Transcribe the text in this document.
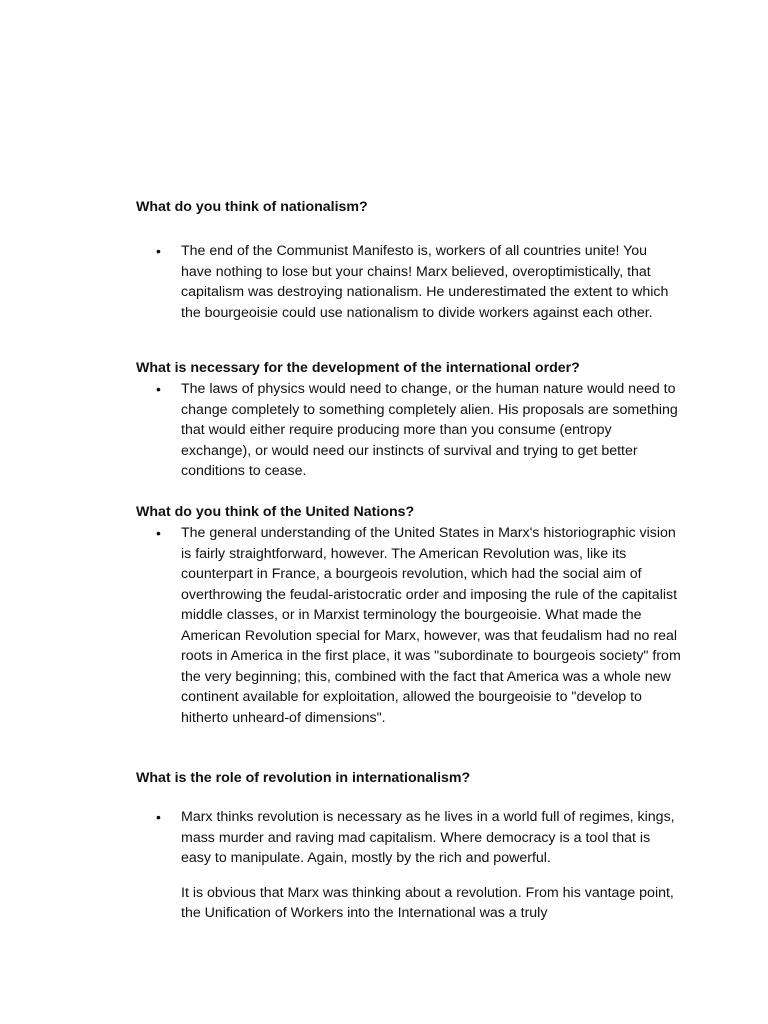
What do you think of nationalism?

• The end of the Communist Manifesto is, workers of all countries unite! You have nothing to lose but your chains! Marx believed, overoptimistically, that capitalism was destroying nationalism. He underestimated the extent to which the bourgeoisie could use nationalism to divide workers against each other.

What is necessary for the development of the international order?

• The laws of physics would need to change, or the human nature would need to change completely to something completely alien. His proposals are something that would either require producing more than you consume (entropy exchange), or would need our instincts of survival and trying to get better conditions to cease.

What do you think of the United Nations?

• The general understanding of the United States in Marx's historiographic vision is fairly straightforward, however. The American Revolution was, like its counterpart in France, a bourgeois revolution, which had the social aim of overthrowing the feudal-aristocratic order and imposing the rule of the capitalist middle classes, or in Marxist terminology the bourgeoisie. What made the American Revolution special for Marx, however, was that feudalism had no real roots in America in the first place, it was "subordinate to bourgeois society" from the very beginning; this, combined with the fact that America was a whole new continent available for exploitation, allowed the bourgeoisie to "develop to hitherto unheard-of dimensions".

What is the role of revolution in internationalism?

• Marx thinks revolution is necessary as he lives in a world full of regimes, kings, mass murder and raving mad capitalism. Where democracy is a tool that is easy to manipulate. Again, mostly by the rich and powerful.

It is obvious that Marx was thinking about a revolution. From his vantage point, the Unification of Workers into the International was a truly
